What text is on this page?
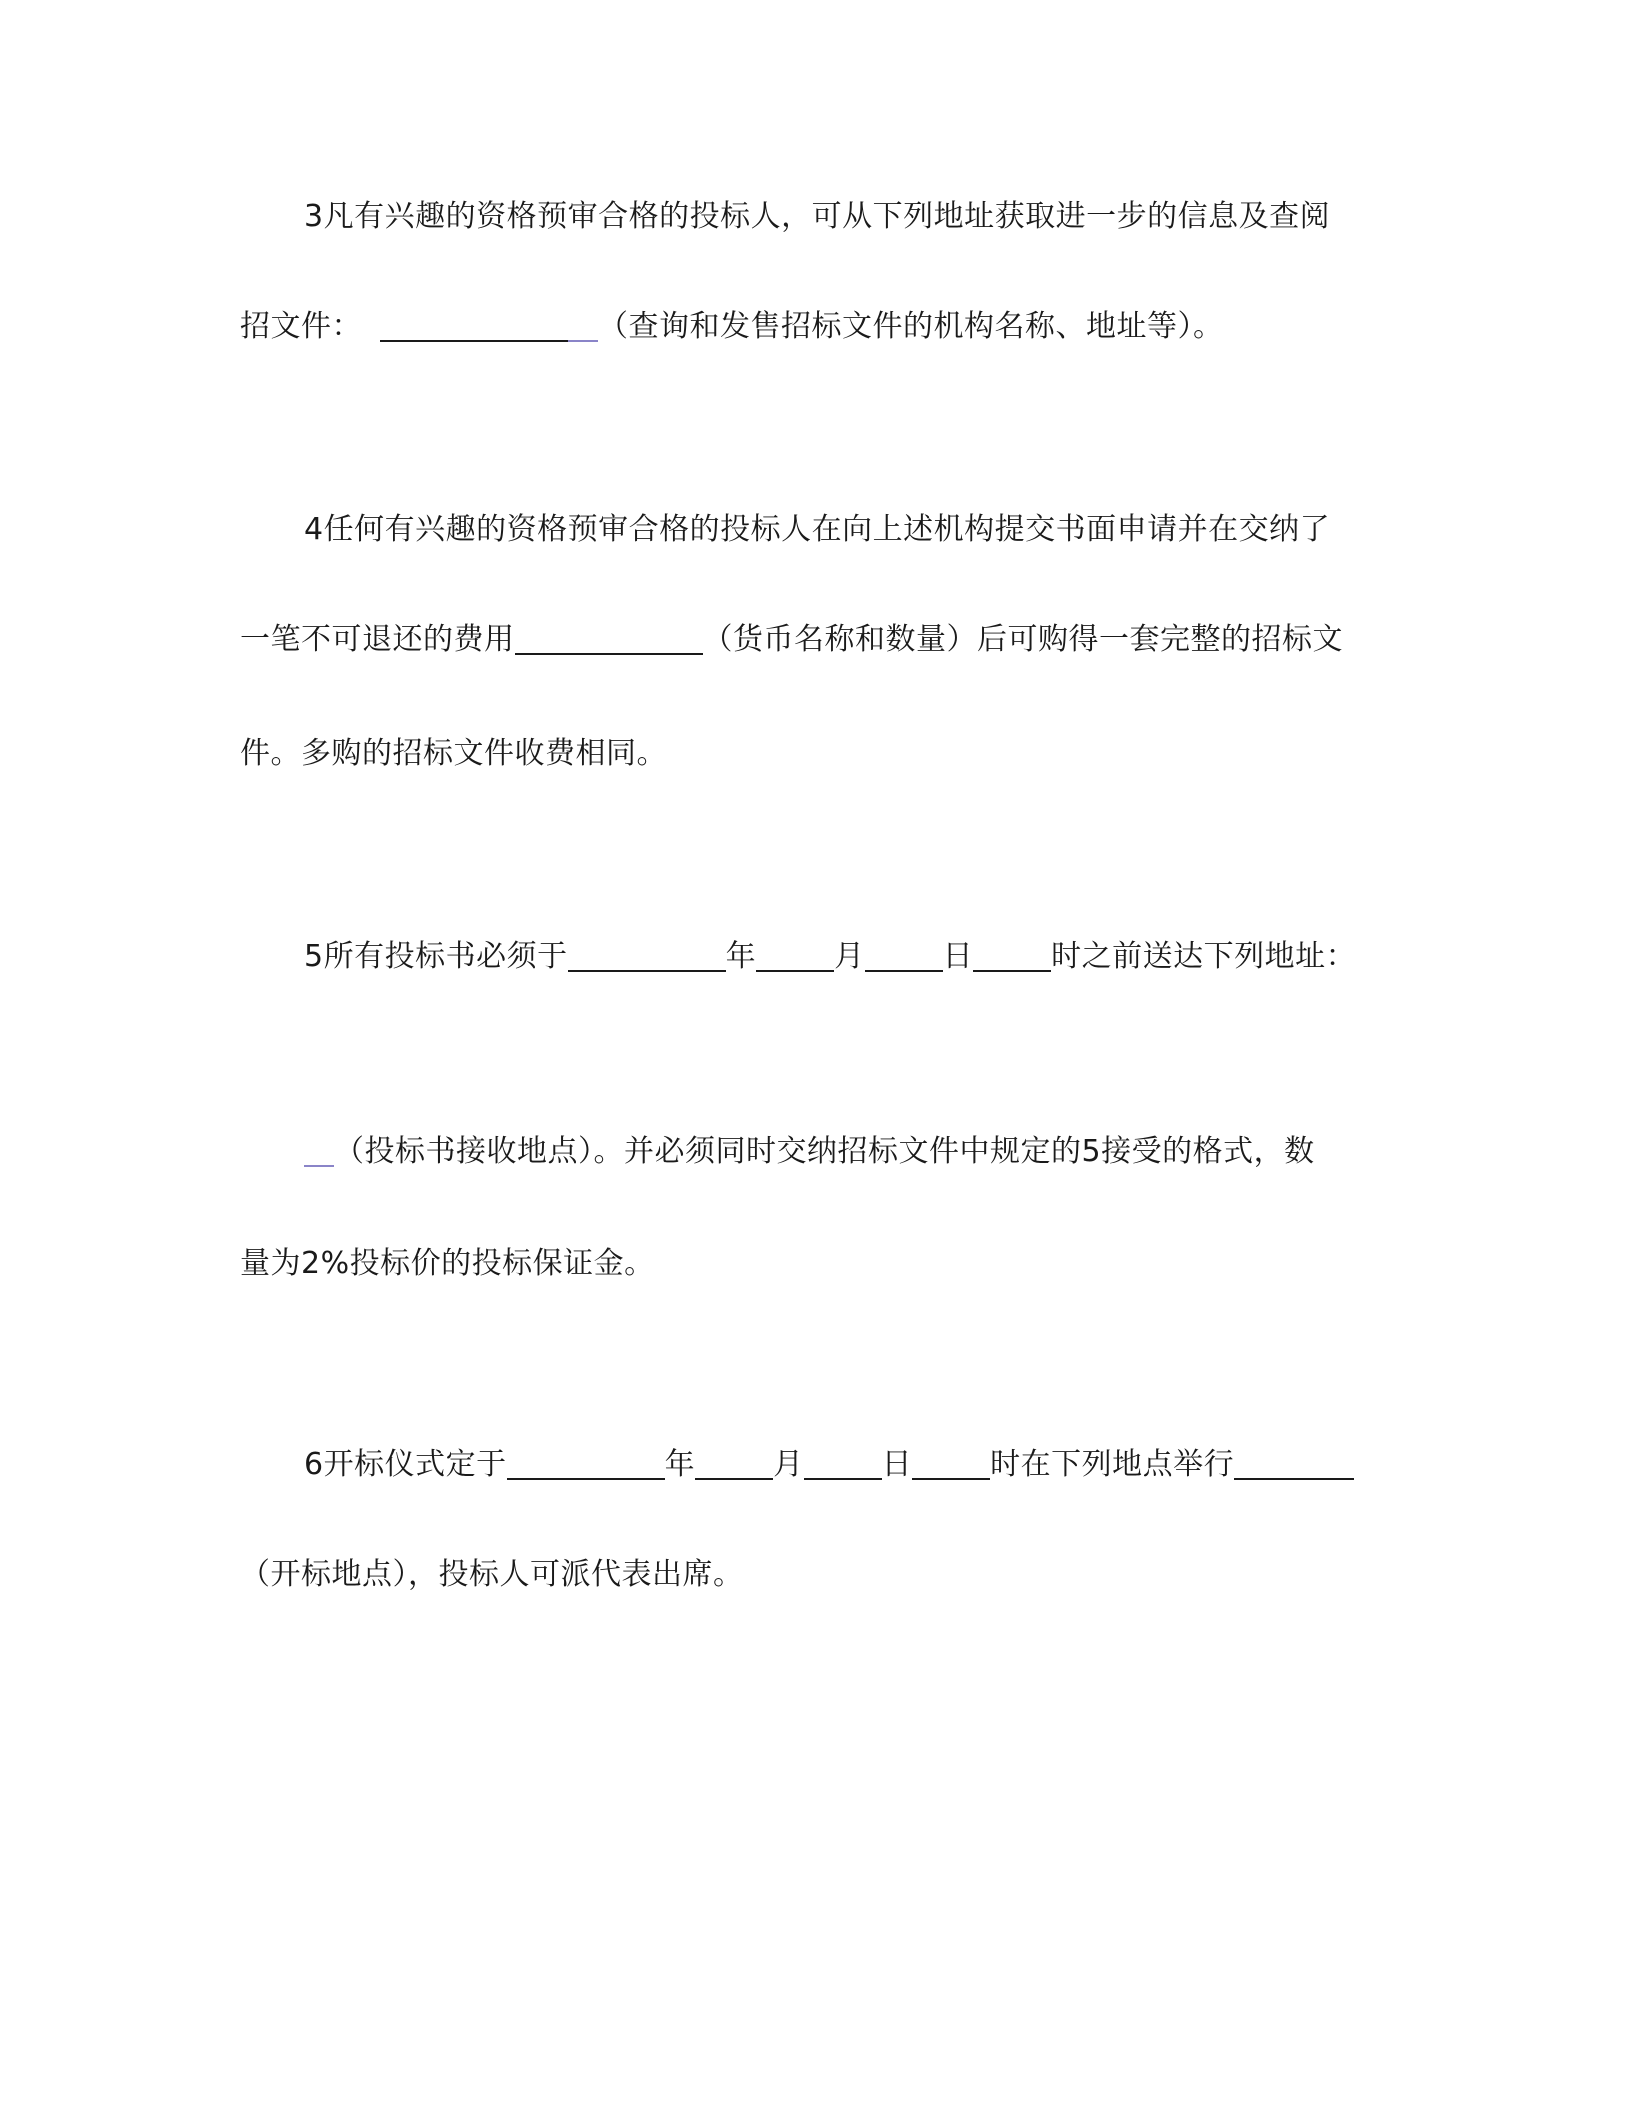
3凡有兴趣的资格预审合格的投标人，可从下列地址获取进一步的信息及查阅
招文件：	（查询和发售招标文件的机构名称、地址等）。
4任何有兴趣的资格预审合格的投标人在向上述机构提交书面申请并在交纳了
一笔不可退还的费用	（货币名称和数量）后可购得一套完整的招标文
件。多购的招标文件收费相同。
5所有投标书必须于	年	月	日	时之前送达下列地址：
（投标书接收地点）。并必须同时交纳招标文件中规定的5接受的格式，数
量为2%投标价的投标保证金。
6开标仪式定于	年	月	日	时在下列地点举行
（开标地点），投标人可派代表出席。
